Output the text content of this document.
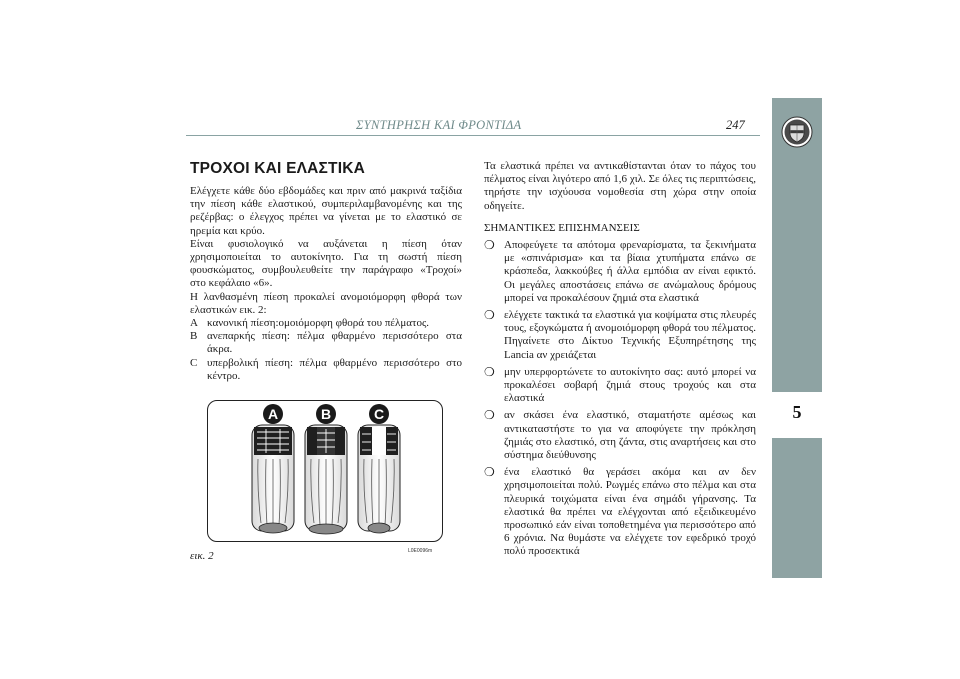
ΣΥΝΤΗΡΗΣΗ ΚΑΙ ΦΡΟΝΤΙΔΑ	247
5
ΤΡΟΧΟΙ ΚΑΙ ΕΛΑΣΤΙΚΑ

Ελέγχετε κάθε δύο εβδομάδες και πριν από μακρινά ταξίδια την πίεση κάθε ελαστικού, συμπεριλαμβανομένης και της ρεζέρβας: ο έλεγχος πρέπει να γίνεται με το ελαστικό σε ηρεμία και κρύο.

Είναι φυσιολογικό να αυξάνεται η πίεση όταν χρησιμοποιείται το αυτοκίνητο. Για τη σωστή πίεση φουσκώματος, συμβουλευθείτε την παράγραφο «Τροχοί» στο κεφάλαιο «6».

Η λανθασμένη πίεση προκαλεί ανομοιόμορφη φθορά των ελαστικών εικ. 2:

A κανονική πίεση:ομοιόμορφη φθορά του πέλματος.
B ανεπαρκής πίεση: πέλμα φθαρμένο περισσότερο στα άκρα.
C υπερβολική πίεση: πέλμα φθαρμένο περισσότερο στο κέντρο.
A	B	C
εικ. 2	L0E0096m

Τα ελαστικά πρέπει να αντικαθίστανται όταν το πάχος του πέλματος είναι λιγότερο από 1,6 χιλ. Σε όλες τις περιπτώσεις, τηρήστε την ισχύουσα νομοθεσία στη χώρα στην οποία οδηγείτε.

ΣΗΜΑΝΤΙΚΕΣ ΕΠΙΣΗΜΑΝΣΕΙΣ
❍ Αποφεύγετε τα απότομα φρεναρίσματα, τα ξεκινήματα με «σπινάρισμα» και τα βίαια χτυπήματα επάνω σε κράσπεδα, λακκούβες ή άλλα εμπόδια αν είναι εφικτό. Οι μεγάλες αποστάσεις επάνω σε ανώμαλους δρόμους μπορεί να προκαλέσουν ζημιά στα ελαστικά
❍ ελέγχετε τακτικά τα ελαστικά για κοψίματα στις πλευρές τους, εξογκώματα ή ανομοιόμορφη φθορά του πέλματος. Πηγαίνετε στο Δίκτυο Τεχνικής Εξυπηρέτησης της Lancia αν χρειάζεται
❍ μην υπερφορτώνετε το αυτοκίνητο σας: αυτό μπορεί να προκαλέσει σοβαρή ζημιά στους τροχούς και στα ελαστικά
❍ αν σκάσει ένα ελαστικό, σταματήστε αμέσως και αντικαταστήστε το για να αποφύγετε την πρόκληση ζημιάς στο ελαστικό, στη ζάντα, στις αναρτήσεις και στο σύστημα διεύθυνσης
❍ ένα ελαστικό θα γεράσει ακόμα και αν δεν χρησιμοποιείται πολύ. Ρωγμές επάνω στο πέλμα και στα πλευρικά τοιχώματα είναι ένα σημάδι γήρανσης. Τα ελαστικά θα πρέπει να ελέγχονται από εξειδικευμένο προσωπικό εάν είναι τοποθετημένα για περισσότερο από 6 χρόνια. Να θυμάστε να ελέγχετε τον εφεδρικό τροχό πολύ προσεκτικά
